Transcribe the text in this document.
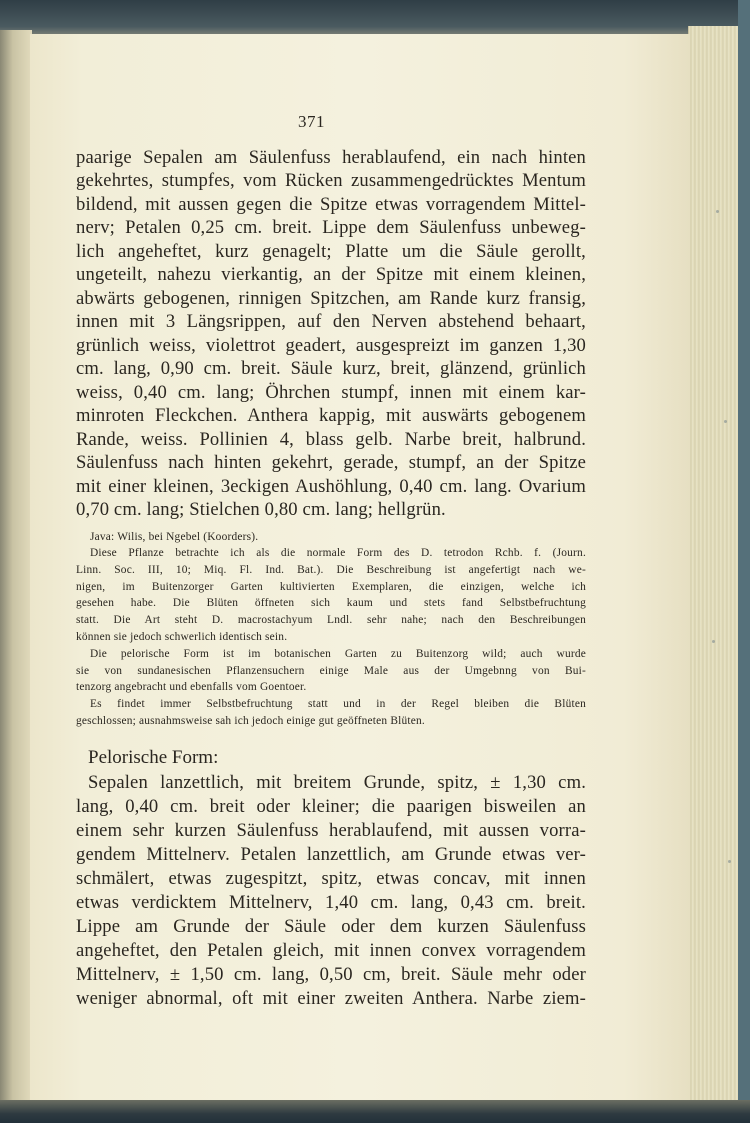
371
paarige Sepalen am Säulenfuss herablaufend, ein nach hinten
gekehrtes, stumpfes, vom Rücken zusammengedrücktes Mentum
bildend, mit aussen gegen die Spitze etwas vorragendem Mittel-
nerv; Petalen 0,25 cm. breit. Lippe dem Säulenfuss unbeweg-
lich angeheftet, kurz genagelt; Platte um die Säule gerollt,
ungeteilt, nahezu vierkantig, an der Spitze mit einem kleinen,
abwärts gebogenen, rinnigen Spitzchen, am Rande kurz fransig,
innen mit 3 Längsrippen, auf den Nerven abstehend behaart,
grünlich weiss, violettrot geadert, ausgespreizt im ganzen 1,30
cm. lang, 0,90 cm. breit. Säule kurz, breit, glänzend, grünlich
weiss, 0,40 cm. lang; Öhrchen stumpf, innen mit einem kar-
minroten Fleckchen. Anthera kappig, mit auswärts gebogenem
Rande, weiss. Pollinien 4, blass gelb. Narbe breit, halbrund.
Säulenfuss nach hinten gekehrt, gerade, stumpf, an der Spitze
mit einer kleinen, 3eckigen Aushöhlung, 0,40 cm. lang. Ovarium
0,70 cm. lang; Stielchen 0,80 cm. lang; hellgrün.
Java: Wilis, bei Ngebel (Koorders).
Diese Pflanze betrachte ich als die normale Form des D. tetrodon Rchb. f. (Journ.
Linn. Soc. III, 10; Miq. Fl. Ind. Bat.). Die Beschreibung ist angefertigt nach we-
nigen, im Buitenzorger Garten kultivierten Exemplaren, die einzigen, welche ich
gesehen habe. Die Blüten öffneten sich kaum und stets fand Selbstbefruchtung
statt. Die Art steht D. macrostachyum Lndl. sehr nahe; nach den Beschreibungen
können sie jedoch schwerlich identisch sein.
Die pelorische Form ist im botanischen Garten zu Buitenzorg wild; auch wurde
sie von sundanesischen Pflanzensuchern einige Male aus der Umgebnng von Bui-
tenzorg angebracht und ebenfalls vom Goentoer.
Es findet immer Selbstbefruchtung statt und in der Regel bleiben die Blüten
geschlossen; ausnahmsweise sah ich jedoch einige gut geöffneten Blüten.
Pelorische Form:
Sepalen lanzettlich, mit breitem Grunde, spitz, ± 1,30 cm.
lang, 0,40 cm. breit oder kleiner; die paarigen bisweilen an
einem sehr kurzen Säulenfuss herablaufend, mit aussen vorra-
gendem Mittelnerv. Petalen lanzettlich, am Grunde etwas ver-
schmälert, etwas zugespitzt, spitz, etwas concav, mit innen
etwas verdicktem Mittelnerv, 1,40 cm. lang, 0,43 cm. breit.
Lippe am Grunde der Säule oder dem kurzen Säulenfuss
angeheftet, den Petalen gleich, mit innen convex vorragendem
Mittelnerv, ± 1,50 cm. lang, 0,50 cm, breit. Säule mehr oder
weniger abnormal, oft mit einer zweiten Anthera. Narbe ziem-
